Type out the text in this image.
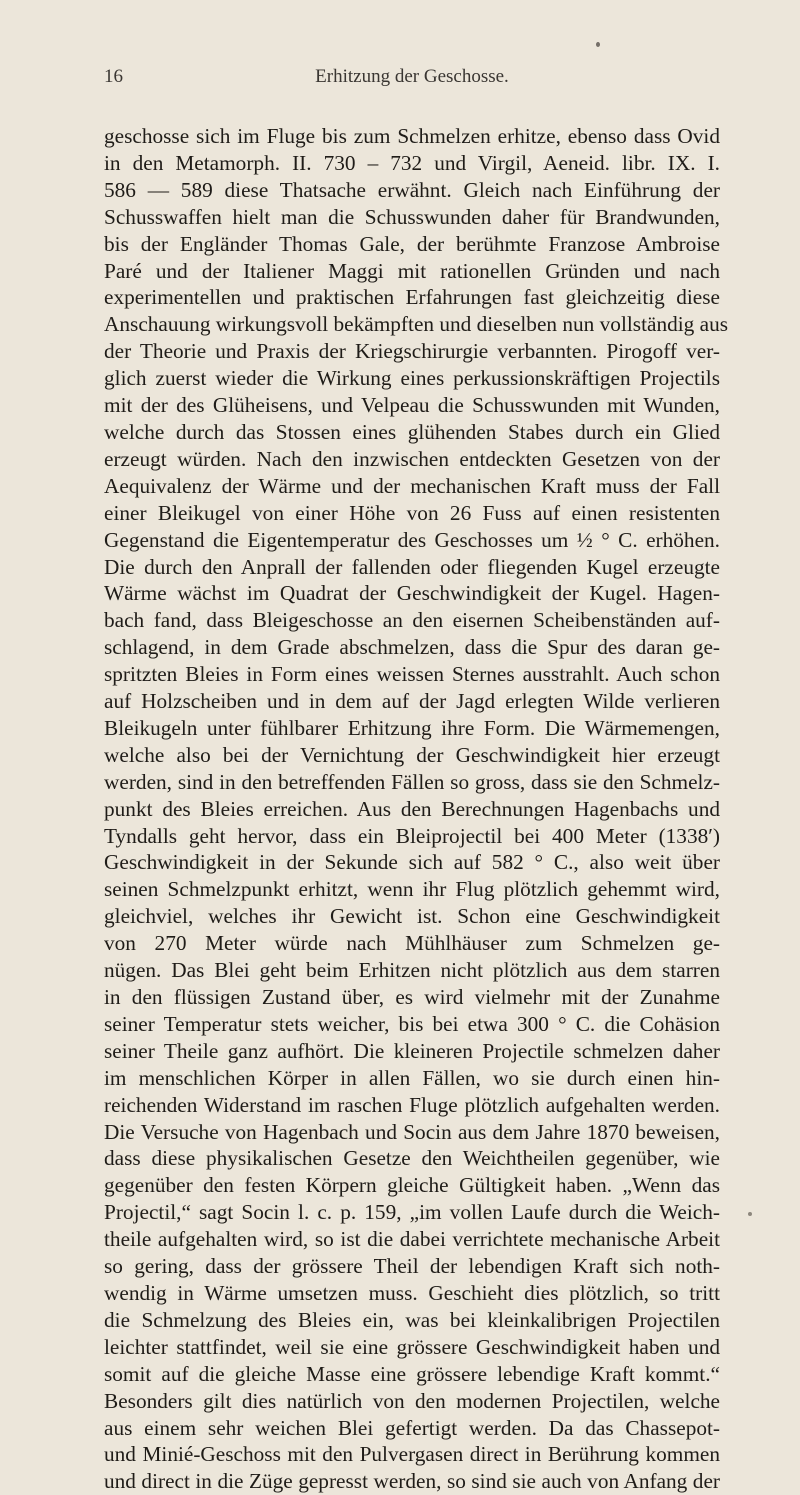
16	Erhitzung der Geschosse.
geschosse sich im Fluge bis zum Schmelzen erhitze, ebenso dass Ovid
in den Metamorph. II. 730 – 732 und Virgil, Aeneid. libr. IX. I.
586 — 589 diese Thatsache erwähnt. Gleich nach Einführung der
Schusswaffen hielt man die Schusswunden daher für Brandwunden,
bis der Engländer Thomas Gale, der berühmte Franzose Ambroise
Paré und der Italiener Maggi mit rationellen Gründen und nach
experimentellen und praktischen Erfahrungen fast gleichzeitig diese
Anschauung wirkungsvoll bekämpften und dieselben nun vollständig aus
der Theorie und Praxis der Kriegschirurgie verbannten. Pirogoff ver-
glich zuerst wieder die Wirkung eines perkussionskräftigen Projectils
mit der des Glüheisens, und Velpeau die Schusswunden mit Wunden,
welche durch das Stossen eines glühenden Stabes durch ein Glied
erzeugt würden. Nach den inzwischen entdeckten Gesetzen von der
Aequivalenz der Wärme und der mechanischen Kraft muss der Fall
einer Bleikugel von einer Höhe von 26 Fuss auf einen resistenten
Gegenstand die Eigentemperatur des Geschosses um ½ ° C. erhöhen.
Die durch den Anprall der fallenden oder fliegenden Kugel erzeugte
Wärme wächst im Quadrat der Geschwindigkeit der Kugel. Hagen-
bach fand, dass Bleigeschosse an den eisernen Scheibenständen auf-
schlagend, in dem Grade abschmelzen, dass die Spur des daran ge-
spritzten Bleies in Form eines weissen Sternes ausstrahlt. Auch schon
auf Holzscheiben und in dem auf der Jagd erlegten Wilde verlieren
Bleikugeln unter fühlbarer Erhitzung ihre Form. Die Wärmemengen,
welche also bei der Vernichtung der Geschwindigkeit hier erzeugt
werden, sind in den betreffenden Fällen so gross, dass sie den Schmelz-
punkt des Bleies erreichen. Aus den Berechnungen Hagenbachs und
Tyndalls geht hervor, dass ein Bleiprojectil bei 400 Meter (1338′)
Geschwindigkeit in der Sekunde sich auf 582 ° C., also weit über
seinen Schmelzpunkt erhitzt, wenn ihr Flug plötzlich gehemmt wird,
gleichviel, welches ihr Gewicht ist. Schon eine Geschwindigkeit
von 270 Meter würde nach Mühlhäuser zum Schmelzen ge-
nügen. Das Blei geht beim Erhitzen nicht plötzlich aus dem starren
in den flüssigen Zustand über, es wird vielmehr mit der Zunahme
seiner Temperatur stets weicher, bis bei etwa 300 ° C. die Cohäsion
seiner Theile ganz aufhört. Die kleineren Projectile schmelzen daher
im menschlichen Körper in allen Fällen, wo sie durch einen hin-
reichenden Widerstand im raschen Fluge plötzlich aufgehalten werden.
Die Versuche von Hagenbach und Socin aus dem Jahre 1870 beweisen,
dass diese physikalischen Gesetze den Weichtheilen gegenüber, wie
gegenüber den festen Körpern gleiche Gültigkeit haben. „Wenn das
Projectil,“ sagt Socin l. c. p. 159, „im vollen Laufe durch die Weich-
theile aufgehalten wird, so ist die dabei verrichtete mechanische Arbeit
so gering, dass der grössere Theil der lebendigen Kraft sich noth-
wendig in Wärme umsetzen muss. Geschieht dies plötzlich, so tritt
die Schmelzung des Bleies ein, was bei kleinkalibrigen Projectilen
leichter stattfindet, weil sie eine grössere Geschwindigkeit haben und
somit auf die gleiche Masse eine grössere lebendige Kraft kommt.“
Besonders gilt dies natürlich von den modernen Projectilen, welche
aus einem sehr weichen Blei gefertigt werden. Da das Chassepot-
und Minié-Geschoss mit den Pulvergasen direct in Berührung kommen
und direct in die Züge gepresst werden, so sind sie auch von Anfang der
